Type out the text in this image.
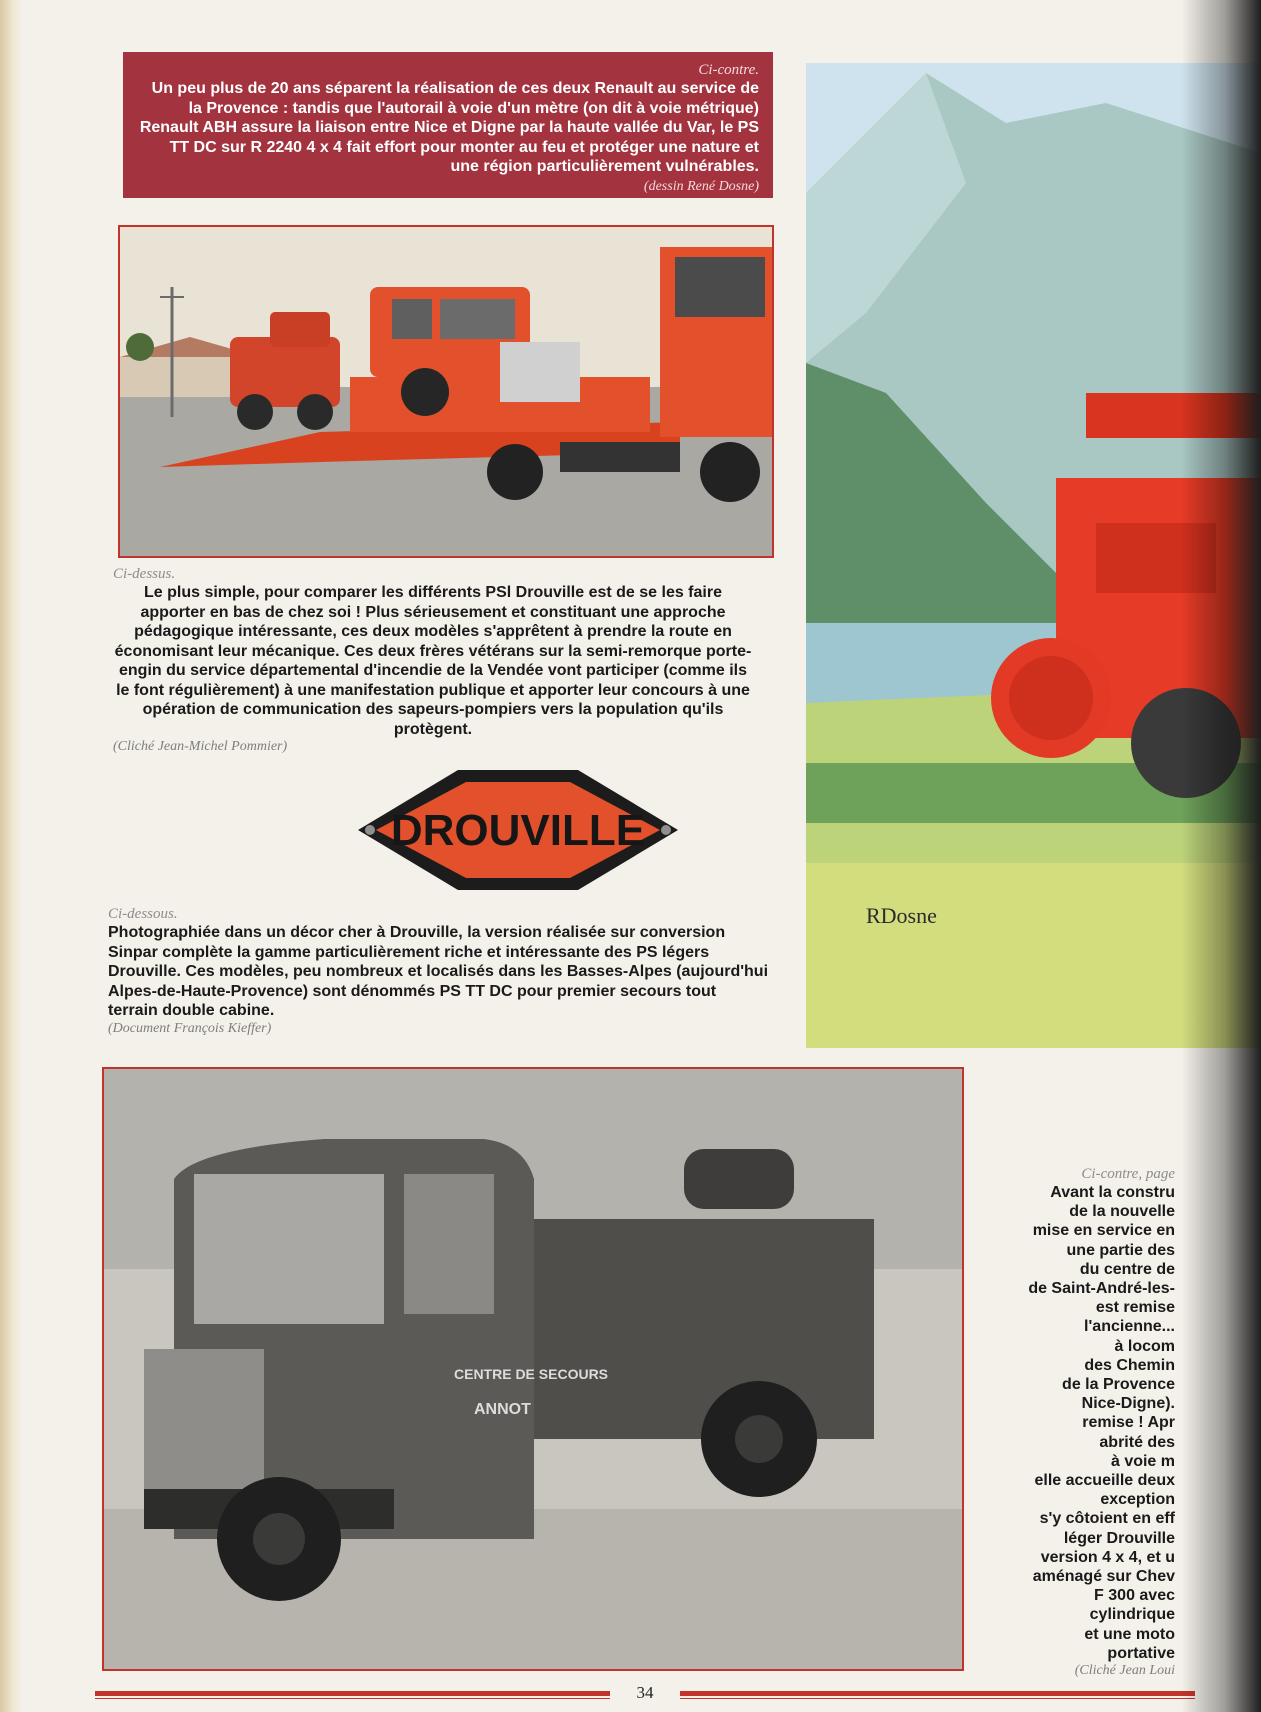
Ci-contre.

Un peu plus de 20 ans séparent la réalisation de ces deux Renault au service de la Provence : tandis que l'autorail à voie d'un mètre (on dit à voie métrique) Renault ABH assure la liaison entre Nice et Digne par la haute vallée du Var, le PS TT DC sur R 2240 4 x 4 fait effort pour monter au feu et protéger une nature et une région particulièrement vulnérables.

(dessin René Dosne)
Ci-dessus.

Le plus simple, pour comparer les différents PSl Drouville est de se les faire apporter en bas de chez soi ! Plus sérieusement et constituant une approche pédagogique intéressante, ces deux modèles s'apprêtent à prendre la route en économisant leur mécanique. Ces deux frères vétérans sur la semi-remorque porte-engin du service départemental d'incendie de la Vendée vont participer (comme ils le font régulièrement) à une manifestation publique et apporter leur concours à une opération de communication des sapeurs-pompiers vers la population qu'ils protègent.

(Cliché Jean-Michel Pommier)
DROUVILLE
Ci-dessous.

Photographiée dans un décor cher à Drouville, la version réalisée sur conversion Sinpar complète la gamme particulièrement riche et intéressante des PS légers Drouville. Ces modèles, peu nombreux et localisés dans les Basses-Alpes (aujourd'hui Alpes-de-Haute-Provence) sont dénommés PS TT DC pour premier secours tout terrain double cabine.

(Document François Kieffer)
RDosne
CENTRE DE SECOURS
ANNOT
Ci-contre, page
Avant la constru
de la nouvelle
mise en service en
une partie des
du centre de
de Saint-André-les-
est remise
l'ancienne...
à locom
des Chemin
de la Provence
Nice-Digne).
remise ! Apr
abrité des
à voie m
elle accueille deux
exception
s'y côtoient en eff
léger Drouville
version 4 x 4, et u
aménagé sur Chev
F 300 avec
cylindrique
et une moto
portative
(Cliché Jean Loui
34
